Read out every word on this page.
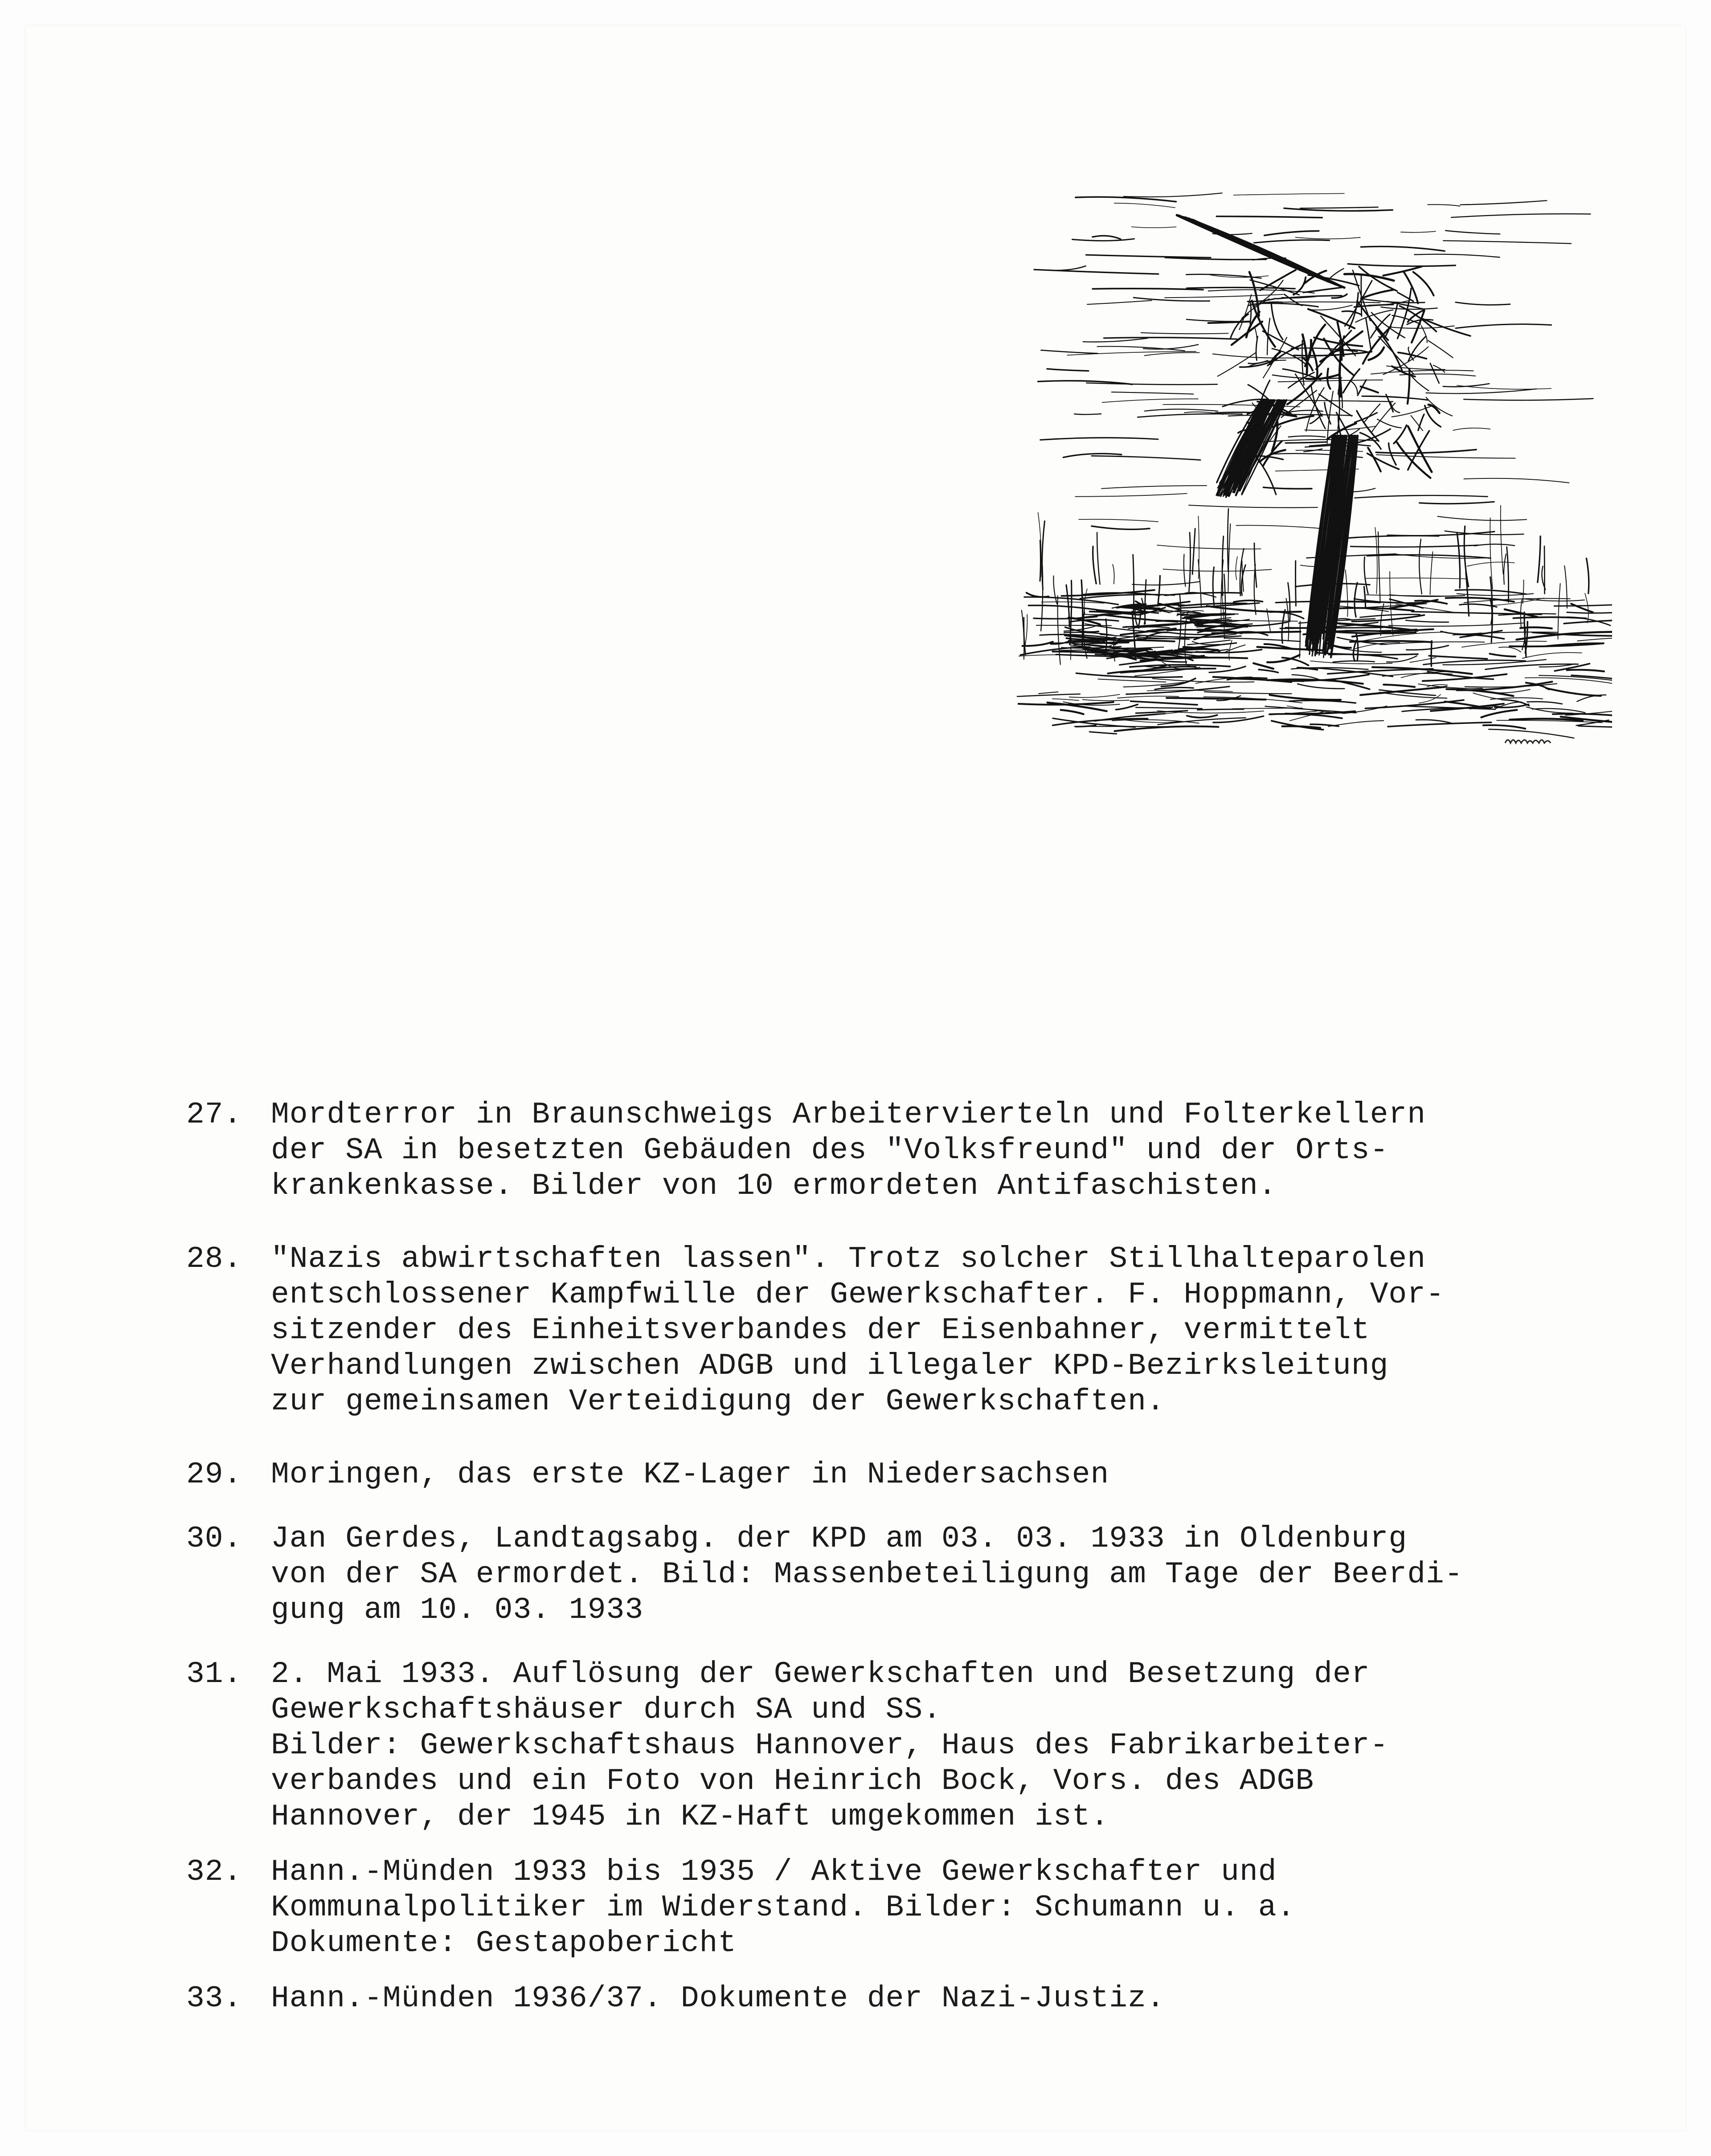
27. Mordterror in Braunschweigs Arbeitervierteln und Folterkellern
der SA in besetzten Gebäuden des "Volksfreund" und der Orts-
krankenkasse. Bilder von 10 ermordeten Antifaschisten.
28. "Nazis abwirtschaften lassen". Trotz solcher Stillhalteparolen
entschlossener Kampfwille der Gewerkschafter. F. Hoppmann, Vor-
sitzender des Einheitsverbandes der Eisenbahner, vermittelt
Verhandlungen zwischen ADGB und illegaler KPD-Bezirksleitung
zur gemeinsamen Verteidigung der Gewerkschaften.
29. Moringen, das erste KZ-Lager in Niedersachsen
30. Jan Gerdes, Landtagsabg. der KPD am 03. 03. 1933 in Oldenburg
von der SA ermordet. Bild: Massenbeteiligung am Tage der Beerdi-
gung am 10. 03. 1933
31. 2. Mai 1933. Auflösung der Gewerkschaften und Besetzung der
Gewerkschaftshäuser durch SA und SS.
Bilder: Gewerkschaftshaus Hannover, Haus des Fabrikarbeiter-
verbandes und ein Foto von Heinrich Bock, Vors. des ADGB
Hannover, der 1945 in KZ-Haft umgekommen ist.
32. Hann.-Münden 1933 bis 1935 / Aktive Gewerkschafter und
Kommunalpolitiker im Widerstand. Bilder: Schumann u. a.
Dokumente: Gestapobericht
33. Hann.-Münden 1936/37. Dokumente der Nazi-Justiz.
